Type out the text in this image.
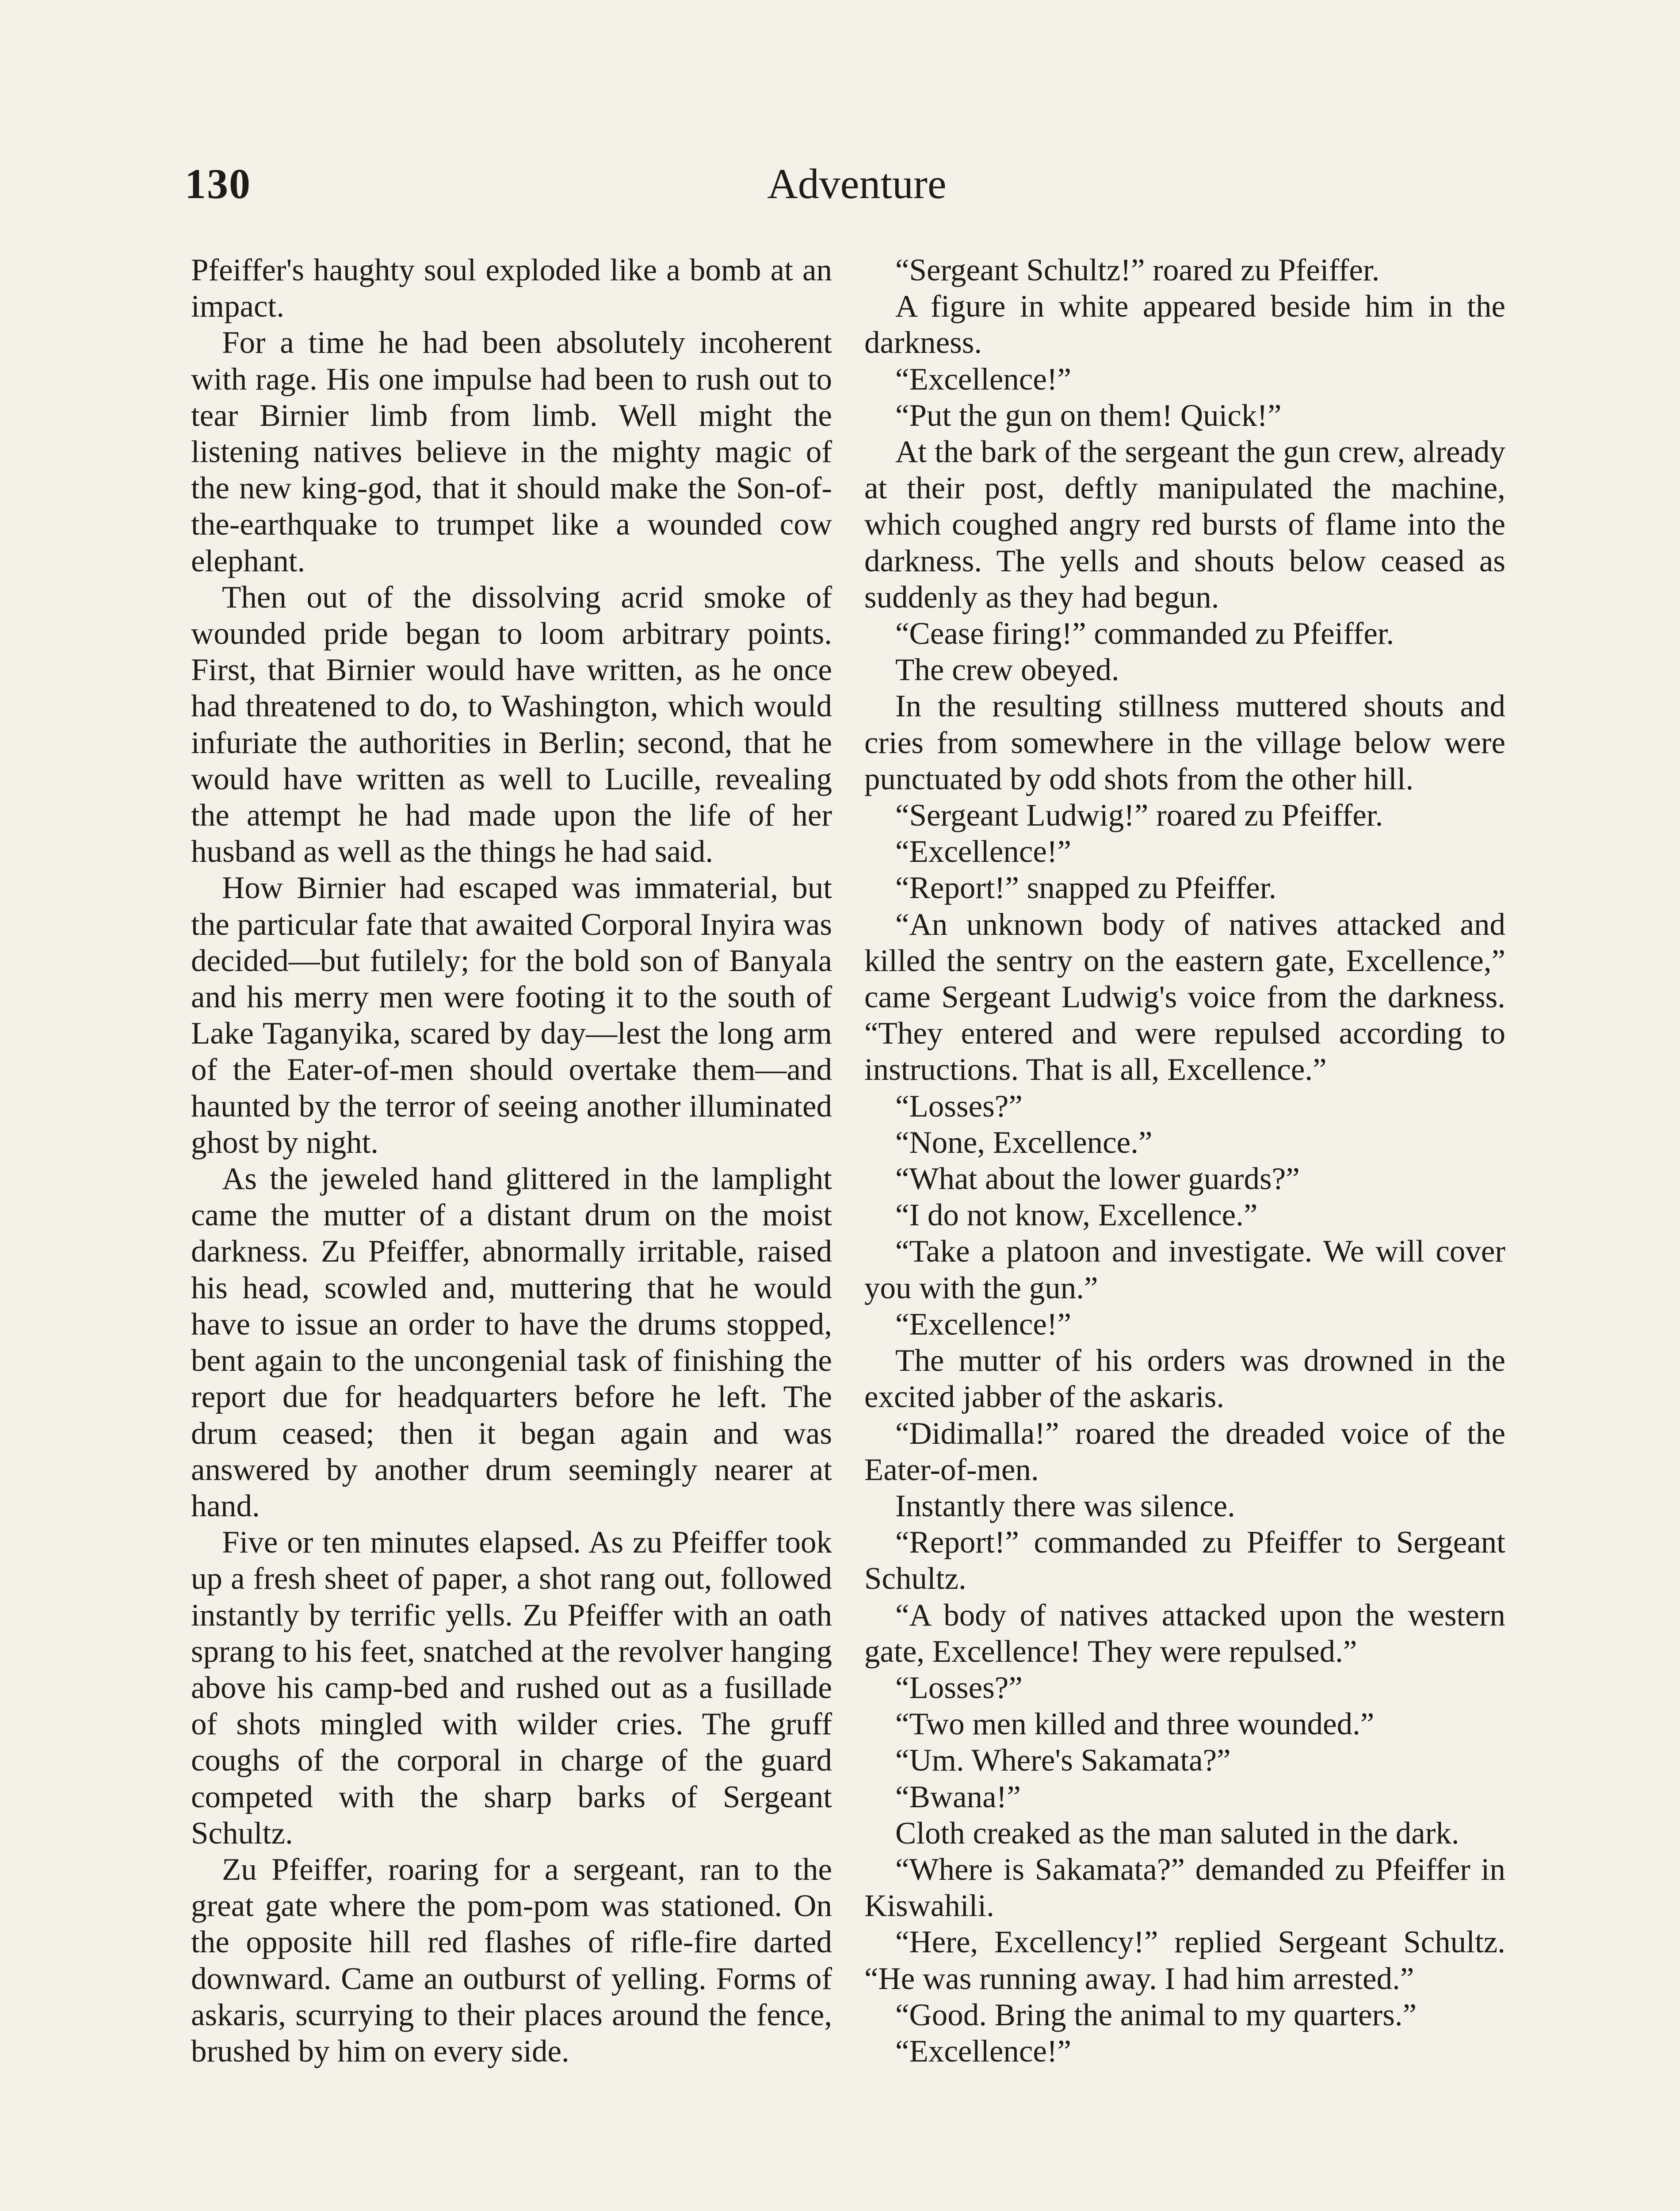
130	Adventure

Pfeiffer's haughty soul exploded like a bomb at an impact.

For a time he had been absolutely incoherent with rage. His one impulse had been to rush out to tear Birnier limb from limb. Well might the listening natives believe in the mighty magic of the new king-god, that it should make the Son-of-the-earthquake to trumpet like a wounded cow elephant.

Then out of the dissolving acrid smoke of wounded pride began to loom arbitrary points. First, that Birnier would have written, as he once had threatened to do, to Washington, which would infuriate the authorities in Berlin; second, that he would have written as well to Lucille, revealing the attempt he had made upon the life of her husband as well as the things he had said.

How Birnier had escaped was immaterial, but the particular fate that awaited Corporal Inyira was decided—but futilely; for the bold son of Banyala and his merry men were footing it to the south of Lake Taganyika, scared by day—lest the long arm of the Eater-of-men should overtake them—and haunted by the terror of seeing another illuminated ghost by night.

As the jeweled hand glittered in the lamplight came the mutter of a distant drum on the moist darkness. Zu Pfeiffer, abnormally irritable, raised his head, scowled and, muttering that he would have to issue an order to have the drums stopped, bent again to the uncongenial task of finishing the report due for headquarters before he left. The drum ceased; then it began again and was answered by another drum seemingly nearer at hand.

Five or ten minutes elapsed. As zu Pfeiffer took up a fresh sheet of paper, a shot rang out, followed instantly by terrific yells. Zu Pfeiffer with an oath sprang to his feet, snatched at the revolver hanging above his camp-bed and rushed out as a fusillade of shots mingled with wilder cries. The gruff coughs of the corporal in charge of the guard competed with the sharp barks of Sergeant Schultz.

Zu Pfeiffer, roaring for a sergeant, ran to the great gate where the pom-pom was stationed. On the opposite hill red flashes of rifle-fire darted downward. Came an outburst of yelling. Forms of askaris, scurrying to their places around the fence, brushed by him on every side.

“Sergeant Schultz!” roared zu Pfeiffer.

A figure in white appeared beside him in the darkness.

“Excellence!”

“Put the gun on them! Quick!”

At the bark of the sergeant the gun crew, already at their post, deftly manipulated the machine, which coughed angry red bursts of flame into the darkness. The yells and shouts below ceased as suddenly as they had begun.

“Cease firing!” commanded zu Pfeiffer.

The crew obeyed.

In the resulting stillness muttered shouts and cries from somewhere in the village below were punctuated by odd shots from the other hill.

“Sergeant Ludwig!” roared zu Pfeiffer.

“Excellence!”

“Report!” snapped zu Pfeiffer.

“An unknown body of natives attacked and killed the sentry on the eastern gate, Excellence,” came Sergeant Ludwig's voice from the darkness. “They entered and were repulsed according to instructions. That is all, Excellence.”

“Losses?”

“None, Excellence.”

“What about the lower guards?”

“I do not know, Excellence.”

“Take a platoon and investigate. We will cover you with the gun.”

“Excellence!”

The mutter of his orders was drowned in the excited jabber of the askaris.

“Didimalla!” roared the dreaded voice of the Eater-of-men.

Instantly there was silence.

“Report!” commanded zu Pfeiffer to Sergeant Schultz.

“A body of natives attacked upon the western gate, Excellence! They were repulsed.”

“Losses?”

“Two men killed and three wounded.”

“Um. Where's Sakamata?”

“Bwana!”

Cloth creaked as the man saluted in the dark.

“Where is Sakamata?” demanded zu Pfeiffer in Kiswahili.

“Here, Excellency!” replied Sergeant Schultz. “He was running away. I had him arrested.”

“Good. Bring the animal to my quarters.”

“Excellence!”
